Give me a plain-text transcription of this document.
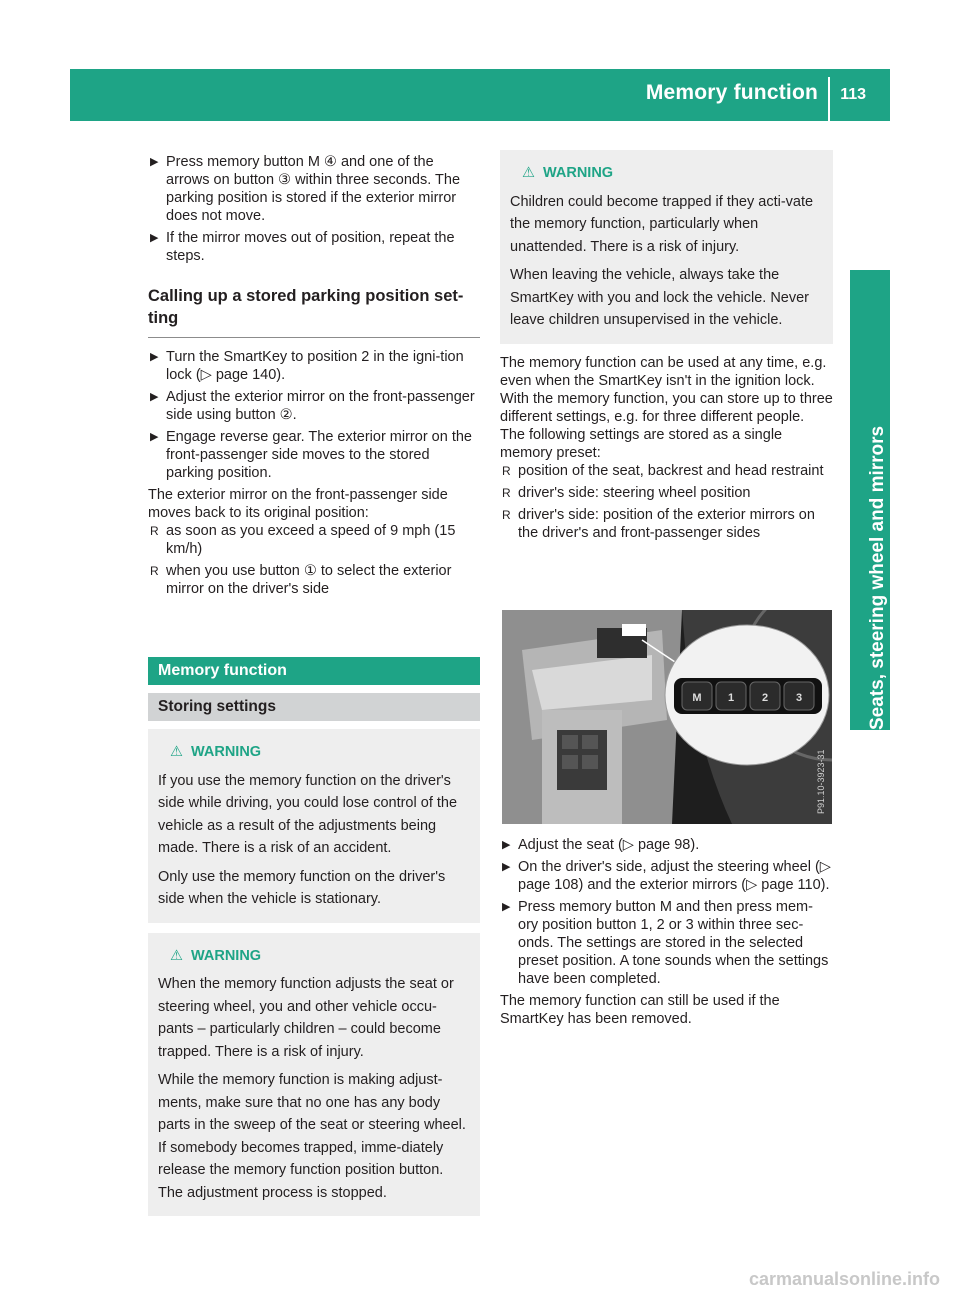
Memory function 113
Seats, steering wheel and mirrors
▶ Press memory button M ④ and one of the arrows on button ③ within three seconds. The parking position is stored if the exterior mirror does not move.
▶ If the mirror moves out of position, repeat the steps.
Calling up a stored parking position set-ting
▶ Turn the SmartKey to position 2 in the igni-tion lock (▷ page 140).
▶ Adjust the exterior mirror on the front-passenger side using button ②.
▶ Engage reverse gear. The exterior mirror on the front-passenger side moves to the stored parking position.

The exterior mirror on the front-passenger side moves back to its original position:

R as soon as you exceed a speed of 9 mph (15 km/h)
R when you use button ① to select the exterior mirror on the driver's side
Memory function
Storing settings
⚠ WARNING

If you use the memory function on the driver's side while driving, you could lose control of the vehicle as a result of the adjustments being made. There is a risk of an accident.

Only use the memory function on the driver's side when the vehicle is stationary.

⚠ WARNING

When the memory function adjusts the seat or steering wheel, you and other vehicle occu-pants – particularly children – could become trapped. There is a risk of injury.

While the memory function is making adjust-ments, make sure that no one has any body parts in the sweep of the seat or steering wheel. If somebody becomes trapped, imme-diately release the memory function position button. The adjustment process is stopped.

⚠ WARNING

Children could become trapped if they acti-vate the memory function, particularly when unattended. There is a risk of injury.

When leaving the vehicle, always take the SmartKey with you and lock the vehicle. Never leave children unsupervised in the vehicle.

The memory function can be used at any time, e.g. even when the SmartKey isn't in the ignition lock.

With the memory function, you can store up to three different settings, e.g. for three different people.

The following settings are stored as a single memory preset:

R position of the seat, backrest and head restraint
R driver's side: steering wheel position
R driver's side: position of the exterior mirrors on the driver's and front-passenger sides
M 1	2	3
P91.10-3923-31
▶ Adjust the seat (▷ page 98).
▶ On the driver's side, adjust the steering wheel (▷ page 108) and the exterior mirrors (▷ page 110).
▶ Press memory button M and then press mem-ory position button 1, 2 or 3 within three sec-onds. The settings are stored in the selected preset position. A tone sounds when the settings have been completed.

The memory function can still be used if the SmartKey has been removed.

carmanualsonline.info
